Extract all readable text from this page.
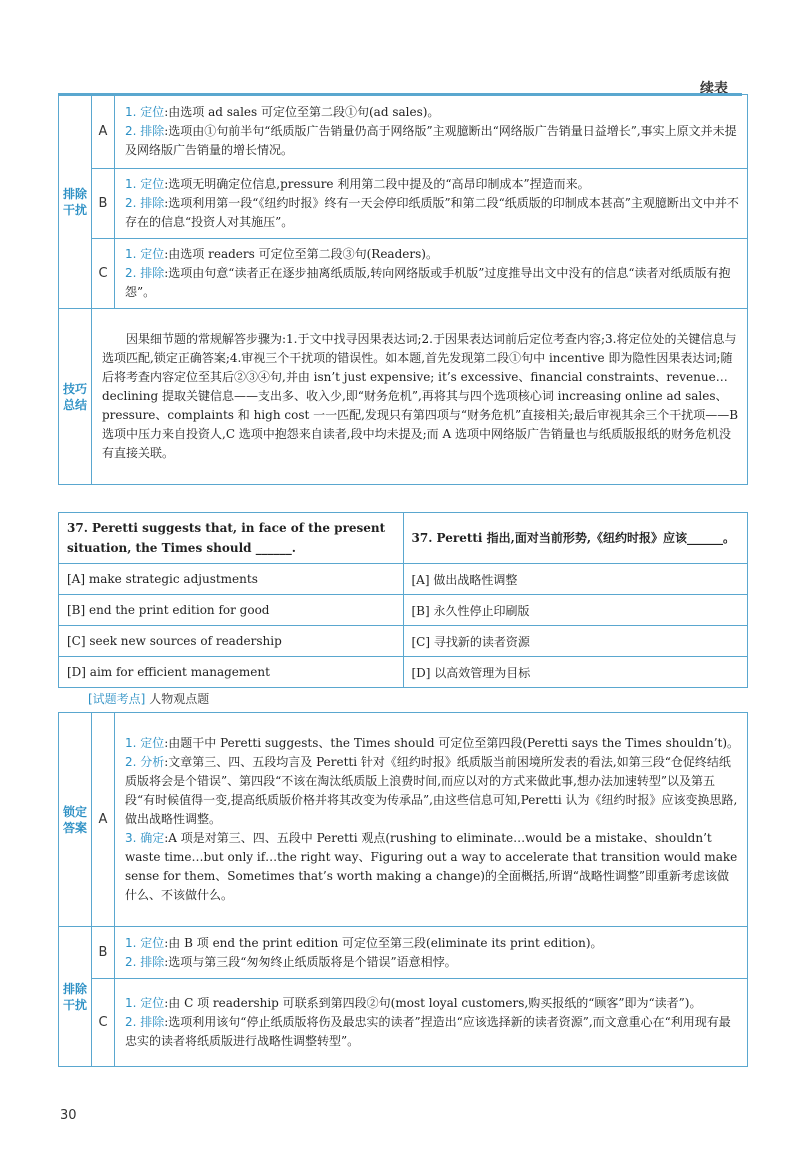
续表
排除干扰	A	1. 定位:由选项 ad sales 可定位至第二段①句(ad sales)。

2. 排除:选项由①句前半句“纸质版广告销量仍高于网络版”主观臆断出“网络版广告销量日益增长”,事实上原文并未提及网络版广告销量的增长情况。

	B	1. 定位:选项无明确定位信息,pressure 利用第二段中提及的“高昂印制成本”捏造而来。

2. 排除:选项利用第一段“《纽约时报》终有一天会停印纸质版”和第二段“纸质版的印制成本甚高”主观臆断出文中并不存在的信息“投资人对其施压”。

	C	1. 定位:由选项 readers 可定位至第二段③句(Readers)。

2. 排除:选项由句意“读者正在逐步抽离纸质版,转向网络版或手机版”过度推导出文中没有的信息“读者对纸质版有抱怨”。

技巧总结	因果细节题的常规解答步骤为:1.于文中找寻因果表达词;2.于因果表达词前后定位考查内容;3.将定位处的关键信息与选项匹配,锁定正确答案;4.审视三个干扰项的错误性。如本题,首先发现第二段①句中 incentive 即为隐性因果表达词;随后将考查内容定位至其后②③④句,并由 isn’t just expensive; it’s excessive、financial constraints、revenue…declining 提取关键信息——支出多、收入少,即“财务危机”,再将其与四个选项核心词 increasing online ad sales、pressure、complaints 和 high cost 一一匹配,发现只有第四项与“财务危机”直接相关;最后审视其余三个干扰项——B 选项中压力来自投资人,C 选项中抱怨来自读者,段中均未提及;而 A 选项中网络版广告销量也与纸质版报纸的财务危机没有直接关联。	

37. Peretti suggests that, in face of the present situation, the Times should ______.	37. Peretti 指出,面对当前形势,《纽约时报》应该______。
[A] make strategic adjustments	[A] 做出战略性调整
[B] end the print edition for good	[B] 永久性停止印刷版
[C] seek new sources of readership	[C] 寻找新的读者资源
[D] aim for efficient management	[D] 以高效管理为目标
[试题考点] 人物观点题
锁定答案	A	1. 定位:由题干中 Peretti suggests、the Times should 可定位至第四段(Peretti says the Times shouldn’t)。

2. 分析:文章第三、四、五段均言及 Peretti 针对《纽约时报》纸质版当前困境所发表的看法,如第三段“仓促终结纸质版将会是个错误”、第四段“不该在淘汰纸质版上浪费时间,而应以对的方式来做此事,想办法加速转型”以及第五段“有时候值得一变,提高纸质版价格并将其改变为传承品”,由这些信息可知,Peretti 认为《纽约时报》应该变换思路,做出战略性调整。

3. 确定:A 项是对第三、四、五段中 Peretti 观点(rushing to eliminate…would be a mistake、shouldn’t waste time…but only if…the right way、Figuring out a way to accelerate that transition would make sense for them、Sometimes that’s worth making a change)的全面概括,所谓“战略性调整”即重新考虑该做什么、不该做什么。

排除干扰	B	1. 定位:由 B 项 end the print edition 可定位至第三段(eliminate its print edition)。

2. 排除:选项与第三段“匆匆终止纸质版将是个错误”语意相悖。

	C	1. 定位:由 C 项 readership 可联系到第四段②句(most loyal customers,购买报纸的“顾客”即为“读者”)。

2. 排除:选项利用该句“停止纸质版将伤及最忠实的读者”捏造出“应该选择新的读者资源”,而文意重心在“利用现有最忠实的读者将纸质版进行战略性调整转型”。

30
